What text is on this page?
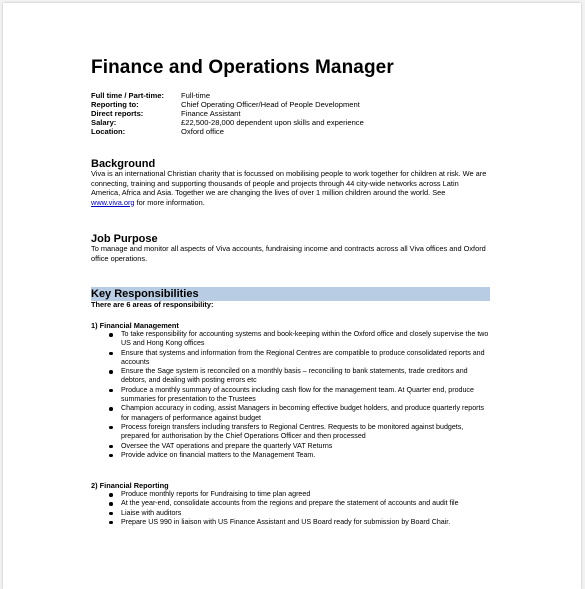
Finance and Operations Manager
Full time / Part-time:	Full-time
Reporting to:	Chief Operating Officer/Head of People Development
Direct reports:	Finance Assistant
Salary:	£22,500-28,000 dependent upon skills and experience
Location:	Oxford office
Background

Viva is an international Christian charity that is focussed on mobilising people to work together for children at risk. We are connecting, training and supporting thousands of people and projects through 44 city-wide networks across Latin America, Africa and Asia. Together we are changing the lives of over 1 million children around the world. See www.viva.org for more information.

Job Purpose

To manage and monitor all aspects of Viva accounts, fundraising income and contracts across all Viva offices and Oxford office operations.

Key Responsibilities
There are 6 areas of responsibility:
1) Financial Management
To take responsibility for accounting systems and book-keeping within the Oxford office and closely supervise the two US and Hong Kong offices
Ensure that systems and information from the Regional Centres are compatible to produce consolidated reports and accounts
Ensure the Sage system is reconciled on a monthly basis – reconciling to bank statements, trade creditors and debtors, and dealing with posting errors etc
Produce a monthly summary of accounts including cash flow for the management team. At Quarter end, produce summaries for presentation to the Trustees
Champion accuracy in coding, assist Managers in becoming effective budget holders, and produce quarterly reports for managers of performance against budget
Process foreign transfers including transfers to Regional Centres. Requests to be monitored against budgets, prepared for authorisation by the Chief Operations Officer and then processed
Oversee the VAT operations and prepare the quarterly VAT Returns
Provide advice on financial matters to the Management Team.
2) Financial Reporting
Produce monthly reports for Fundraising to time plan agreed
At the year-end, consolidate accounts from the regions and prepare the statement of accounts and audit file
Liaise with auditors
Prepare US 990 in liaison with US Finance Assistant and US Board ready for submission by Board Chair.
